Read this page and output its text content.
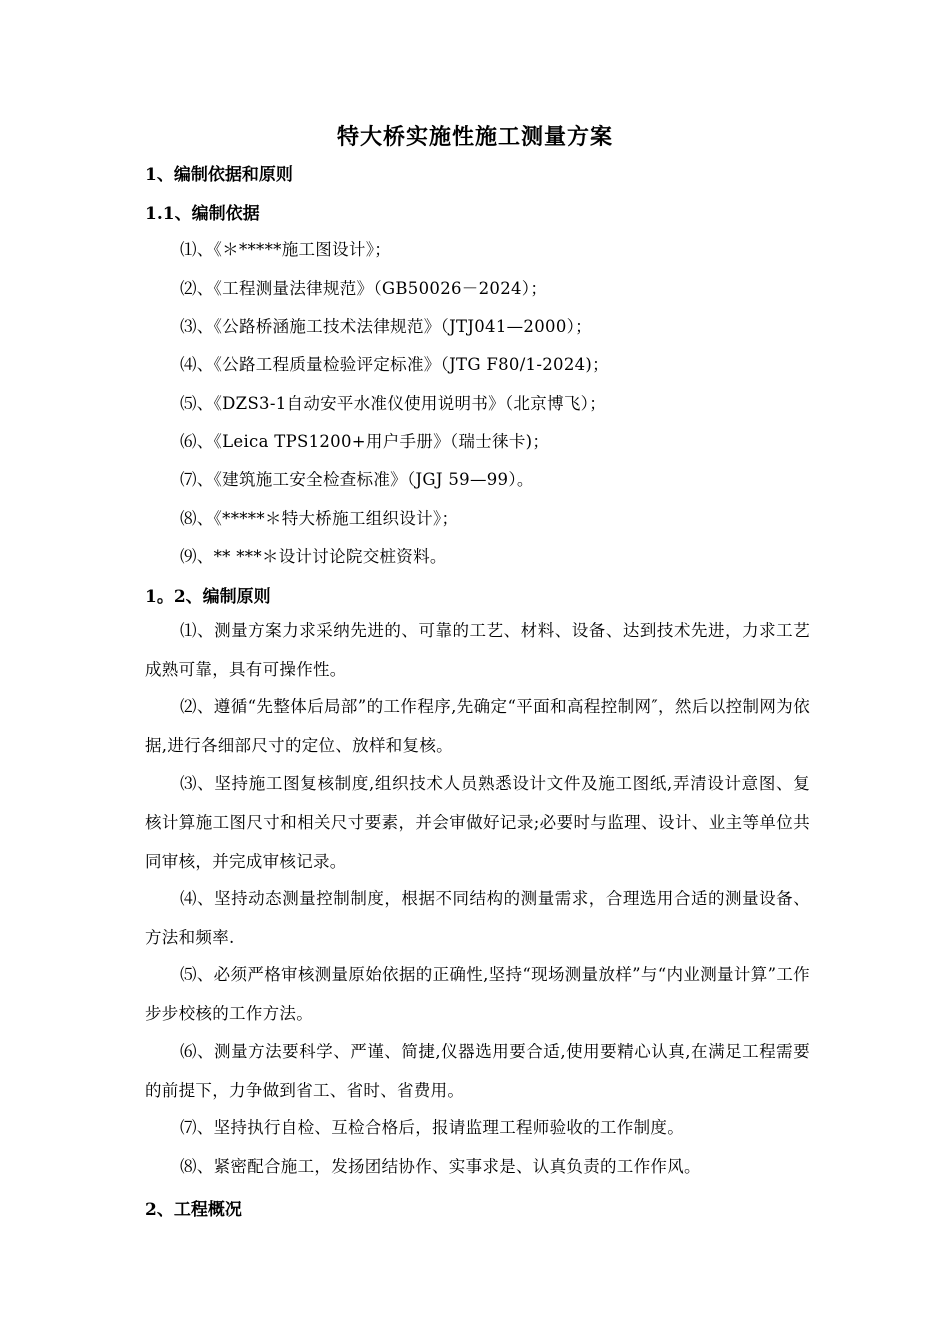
特大桥实施性施工测量方案
1、编制依据和原则
1.1、编制依据
⑴、《＊*****施工图设计》；
⑵、《工程测量法律规范》（GB50026－2024）；
⑶、《公路桥涵施工技术法律规范》（JTJ041—2000）；
⑷、《公路工程质量检验评定标准》（JTG F80/1-2024)；
⑸、《DZS3-1自动安平水准仪使用说明书》（北京博飞）；
⑹、《Leica TPS1200+用户手册》（瑞士徕卡)；
⑺、《建筑施工安全检查标准》（JGJ 59—99）。
⑻、《*****＊特大桥施工组织设计》；
⑼、** ***＊设计讨论院交桩资料。
1。2、编制原则
⑴、测量方案力求采纳先进的、可靠的工艺、材料、设备、达到技术先进，力求工艺成熟可靠，具有可操作性。
⑵、遵循“先整体后局部”的工作程序,先确定“平面和高程控制网″，然后以控制网为依据,进行各细部尺寸的定位、放样和复核。
⑶、坚持施工图复核制度,组织技术人员熟悉设计文件及施工图纸,弄清设计意图、复核计算施工图尺寸和相关尺寸要素，并会审做好记录;必要时与监理、设计、业主等单位共同审核，并完成审核记录。
⑷、坚持动态测量控制制度，根据不同结构的测量需求，合理选用合适的测量设备、方法和频率.
⑸、必须严格审核测量原始依据的正确性,坚持“现场测量放样”与“内业测量计算”工作步步校核的工作方法。
⑹、测量方法要科学、严谨、简捷,仪器选用要合适,使用要精心认真,在满足工程需要的前提下，力争做到省工、省时、省费用。
⑺、坚持执行自检、互检合格后，报请监理工程师验收的工作制度。
⑻、紧密配合施工，发扬团结协作、实事求是、认真负责的工作作风。
2、工程概况
